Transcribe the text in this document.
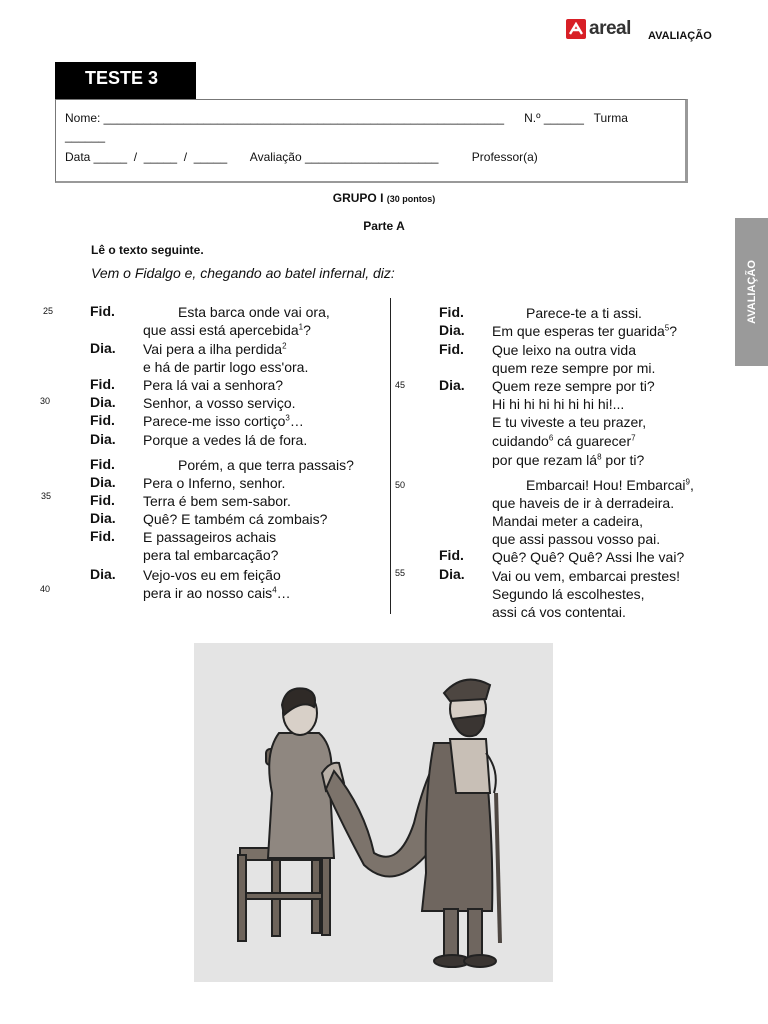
areal AVALIAÇÃO
TESTE 3
Nome: ____________________________________________________________      N.º ______   Turma
______
Data _____  /  _____  /  _____       Avaliação ____________________          Professor(a)
AVALIAÇÃO
GRUPO I (30 pontos)
Parte A
Lê o texto seguinte.
Vem o Fidalgo e, chegando ao batel infernal, diz:
25
30
35
40
45
50
55
Fid.	Esta barca onde vai ora,
que assi está apercebida$^1$?
Dia. Vai pera a ilha perdida$^2$
e há de partir logo ess'ora.
Fid. Pera lá vai a senhora?
Dia. Senhor, a vosso serviço.
Fid. Parece-me isso cortiço$^3$…
Dia. Porque a vedes lá de fora.
Fid.	Porém, a que terra passais?
Dia. Pera o Inferno, senhor.
Fid. Terra é bem sem-sabor.
Dia. Quê? E também cá zombais?
Fid. E passageiros achais
pera tal embarcação?
Dia. Vejo-vos eu em feição
pera ir ao nosso cais$^4$…
Fid.	Parece-te a ti assi.
Dia. Em que esperas ter guarida$^5$?
Fid. Que leixo na outra vida
quem reze sempre por mi.
Dia. Quem reze sempre por ti?
Hi hi hi hi hi hi hi hi!...
E tu viveste a teu prazer,
cuidando$^6$ cá guarecer$^7$
por que rezam $lá^8$ por ti?
Embarcai! Hou! Embarcai$^9$,
que haveis de ir à derradeira.
Mandai meter a cadeira,
que assi passou vosso pai.
Fid. Quê? Quê? Quê? Assi lhe vai?
Dia. Vai ou vem, embarcai prestes!
Segundo lá escolhestes,
assi cá vos contentai.
